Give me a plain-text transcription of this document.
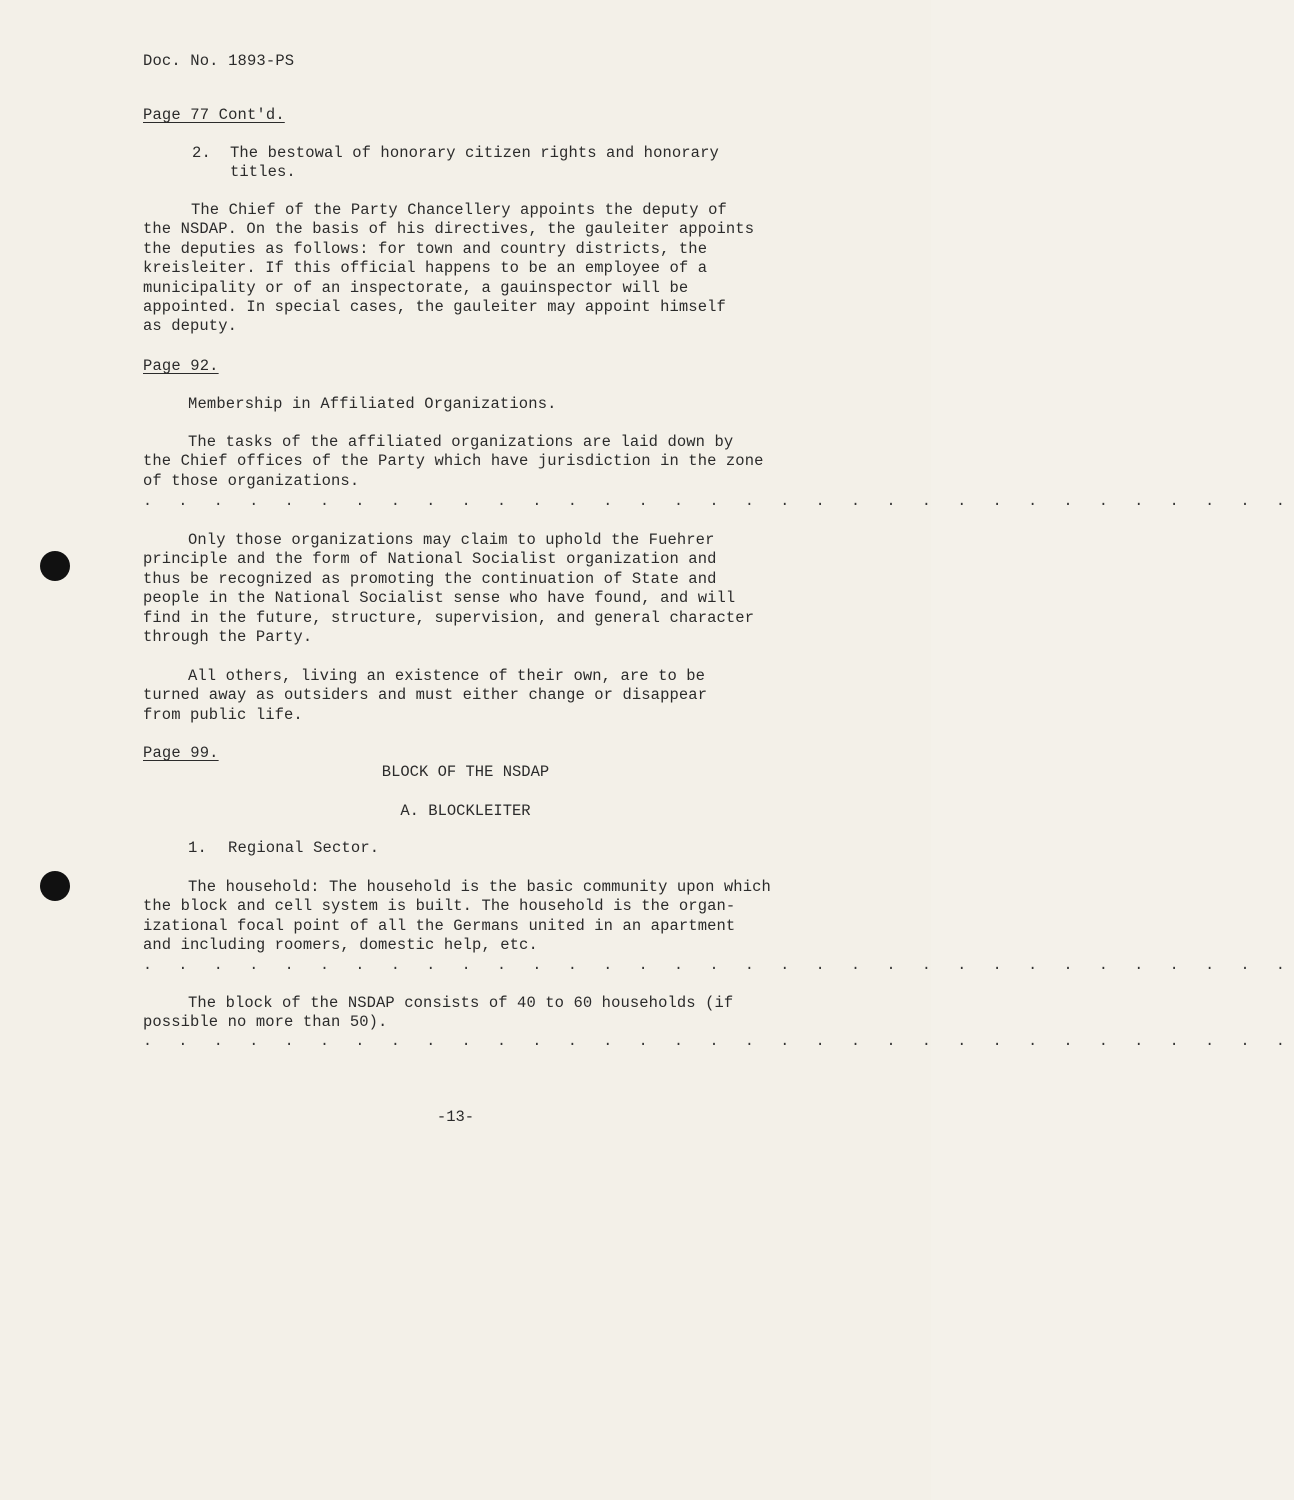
Doc. No. 1893-PS
Page 77 Cont'd.
2. The bestowal of honorary citizen rights and honorary
titles.
The Chief of the Party Chancellery appoints the deputy of
the NSDAP. On the basis of his directives, the gauleiter appoints
the deputies as follows: for town and country districts, the
kreisleiter. If this official happens to be an employee of a
municipality or of an inspectorate, a gauinspector will be
appointed. In special cases, the gauleiter may appoint himself
as deputy.
Page 92.
Membership in Affiliated Organizations.
The tasks of the affiliated organizations are laid down by
the Chief offices of the Party which have jurisdiction in the zone
of those organizations.
. . . . . . . . . . . . . . . . . . . . . . . . . . . . . . . . .
Only those organizations may claim to uphold the Fuehrer
principle and the form of National Socialist organization and
thus be recognized as promoting the continuation of State and
people in the National Socialist sense who have found, and will
find in the future, structure, supervision, and general character
through the Party.
All others, living an existence of their own, are to be
turned away as outsiders and must either change or disappear
from public life.
Page 99.
BLOCK OF THE NSDAP
A. BLOCKLEITER
1. Regional Sector.
The household: The household is the basic community upon which
the block and cell system is built. The household is the organ-
izational focal point of all the Germans united in an apartment
and including roomers, domestic help, etc.
. . . . . . . . . . . . . . . . . . . . . . . . . . . . . . . . .
The block of the NSDAP consists of 40 to 60 households (if
possible no more than 50).
. . . . . . . . . . . . . . . . . . . . . . . . . . . . . . . . .
-13-
